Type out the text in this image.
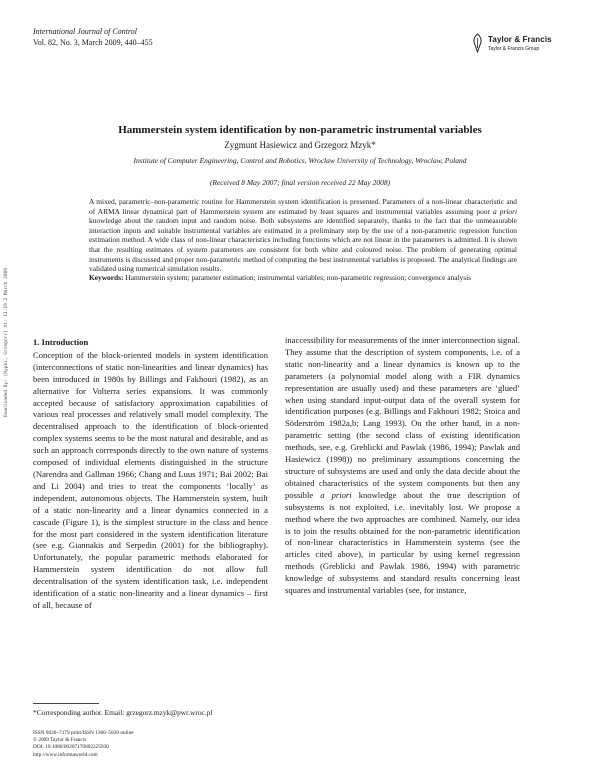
International Journal of Control
Vol. 82, No. 3, March 2009, 440–455	Taylor & Francis
Taylor & Francis Group
Downloaded By: [Hypki, Grzegorz] At: 11:19 2 March 2009
Hammerstein system identification by non-parametric instrumental variables
Zygmunt Hasiewicz and Grzegorz Mzyk*
Institute of Computer Engineering, Control and Robotics, Wroclaw University of Technology, Wroclaw, Poland
(Received 8 May 2007; final version received 22 May 2008)
A mixed, parametric–non-parametric routine for Hammerstein system identification is presented. Parameters of a non-linear characteristic and of ARMA linear dynamical part of Hammerstein system are estimated by least squares and instrumental variables assuming poor a priori knowledge about the random input and random noise. Both subsystems are identified separately, thanks to the fact that the unmeasurable interaction inputs and suitable instrumental variables are estimated in a preliminary step by the use of a non-parametric regression function estimation method. A wide class of non-linear characteristics including functions which are not linear in the parameters is admitted. It is shown that the resulting estimates of system parameters are consistent for both white and coloured noise. The problem of generating optimal instruments is discussed and proper non-parametric method of computing the best instrumental variables is proposed. The analytical findings are validated using numerical simulation results.
Keywords: Hammerstein system; parameter estimation; instrumental variables; non-parametric regression; convergence analysis
1. Introduction

Conception of the block-oriented models in system identification (interconnections of static non-linearities and linear dynamics) has been introduced in 1980s by Billings and Fakhouri (1982), as an alternative for Volterra series expansions. It was commonly accepted because of satisfactory approximation capabilities of various real processes and relatively small model complexity. The decentralised approach to the identification of block-oriented complex systems seems to be the most natural and desirable, and as such an approach corresponds directly to the own nature of systems composed of individual elements distinguished in the structure (Narendra and Gallman 1966; Chang and Luus 1971; Bai 2002; Bai and Li 2004) and tries to treat the components ‘locally’ as independent, autonomous objects. The Hammerstein system, built of a static non-linearity and a linear dynamics connected in a cascade (Figure 1), is the simplest structure in the class and hence for the most part considered in the system identification literature (see e.g. Giannakis and Serpedin (2001) for the bibliography). Unfortunately, the popular parametric methods elaborated for Hammerstein system identification do not allow full decentralisation of the system identification task, i.e. independent identification of a static non-linearity and a linear dynamics – first of all, because of

inaccessibility for measurements of the inner interconnection signal. They assume that the description of system components, i.e. of a static non-linearity and a linear dynamics is known up to the parameters (a polynomial model along with a FIR dynamics representation are usually used) and these parameters are ‘glued’ when using standard input-output data of the overall system for identification purposes (e.g. Billings and Fakhouri 1982; Stoica and Söderström 1982a,b; Lang 1993). On the other hand, in a non-parametric setting (the second class of existing identification methods, see, e.g. Greblicki and Pawlak (1986, 1994); Pawlak and Hasiewicz (1998)) no preliminary assumptions concerning the structure of subsystems are used and only the data decide about the obtained characteristics of the system components but then any possible a priori knowledge about the true description of subsystems is not exploited, i.e. inevitably lost. We propose a method where the two approaches are combined. Namely, our idea is to join the results obtained for the non-parametric identification of non-linear characteristics in Hammerstein systems (see the articles cited above), in particular by using kernel regression methods (Greblicki and Pawlak 1986, 1994) with parametric knowledge of subsystems and standard results concerning least squares and instrumental variables (see, for instance,

*Corresponding author. Email: grzegorz.mzyk@pwr.wroc.pl
ISSN 0020–7179 print/ISSN 1366–5820 online
© 2009 Taylor & Francis
DOI: 10.1080/00207170802225930
http://www.informaworld.com
